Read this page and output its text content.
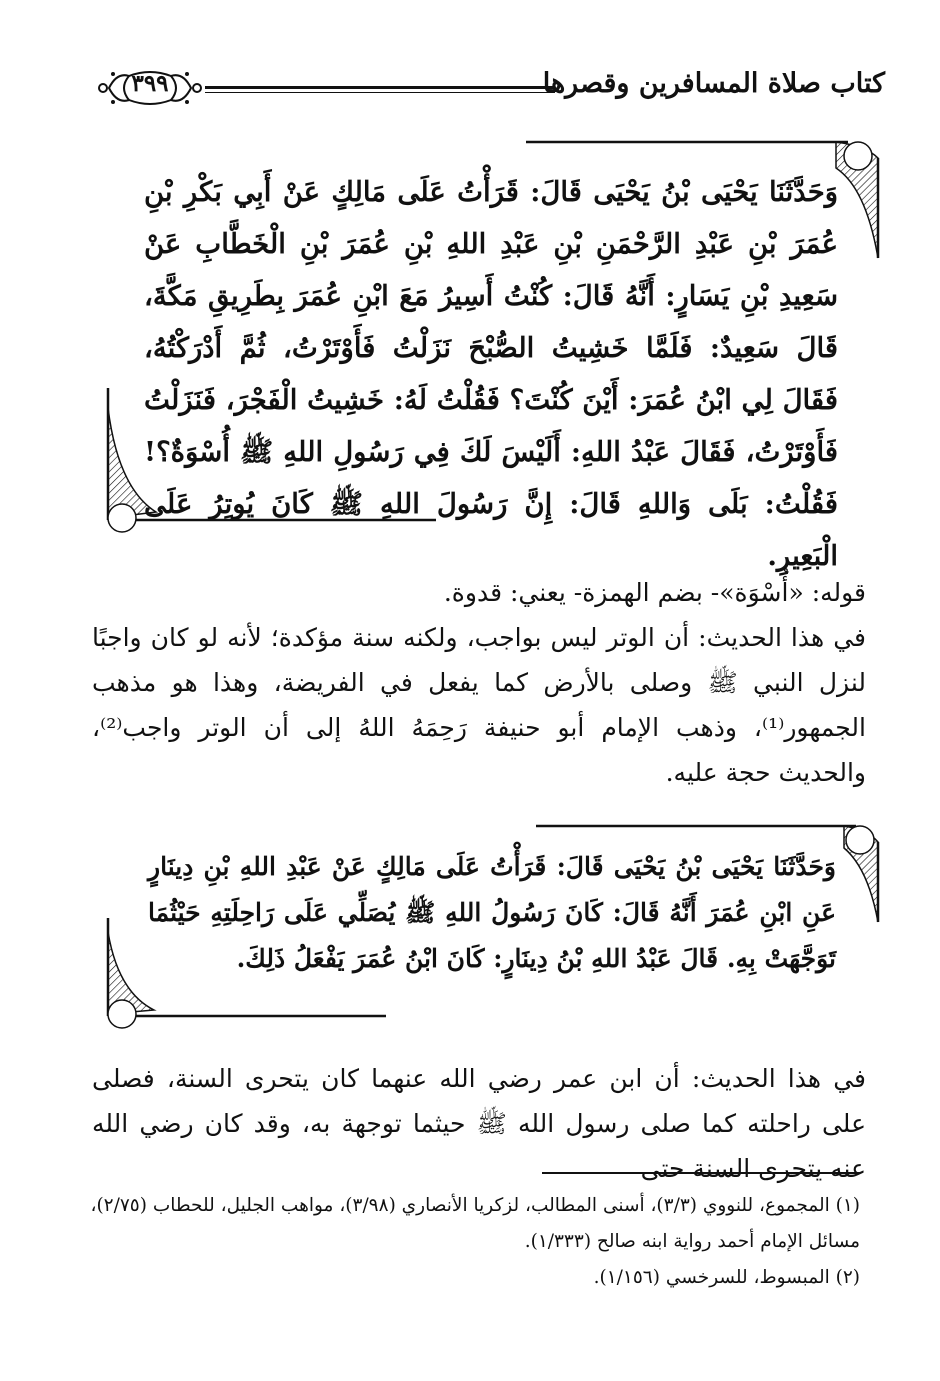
كتاب صلاة المسافرين وقصرها
٣٩٩
وَحَدَّثَنَا يَحْيَى بْنُ يَحْيَى قَالَ: قَرَأْتُ عَلَى مَالِكٍ عَنْ أَبِي بَكْرِ بْنِ عُمَرَ بْنِ عَبْدِ الرَّحْمَنِ بْنِ عَبْدِ اللهِ بْنِ عُمَرَ بْنِ الْخَطَّابِ عَنْ سَعِيدِ بْنِ يَسَارٍ: أَنَّهُ قَالَ: كُنْتُ أَسِيرُ مَعَ ابْنِ عُمَرَ بِطَرِيقِ مَكَّةَ، قَالَ سَعِيدٌ: فَلَمَّا خَشِيتُ الصُّبْحَ نَزَلْتُ فَأَوْتَرْتُ، ثُمَّ أَدْرَكْتُهُ، فَقَالَ لِي ابْنُ عُمَرَ: أَيْنَ كُنْتَ؟ فَقُلْتُ لَهُ: خَشِيتُ الْفَجْرَ، فَنَزَلْتُ فَأَوْتَرْتُ، فَقَالَ عَبْدُ اللهِ: أَلَيْسَ لَكَ فِي رَسُولِ اللهِ ﷺ أُسْوَةٌ؟! فَقُلْتُ: بَلَى وَاللهِ قَالَ: إِنَّ رَسُولَ اللهِ ﷺ كَانَ يُوتِرُ عَلَى الْبَعِيرِ.

قوله: «أُسْوَة»- بضم الهمزة- يعني: قدوة.

في هذا الحديث: أن الوتر ليس بواجب، ولكنه سنة مؤكدة؛ لأنه لو كان واجبًا لنزل النبي ﷺ وصلى بالأرض كما يفعل في الفريضة، وهذا هو مذهب الجمهور⁽¹⁾، وذهب الإمام أبو حنيفة رَحِمَهُ اللهُ إلى أن الوتر واجب⁽²⁾، والحديث حجة عليه.

وَحَدَّثَنَا يَحْيَى بْنُ يَحْيَى قَالَ: قَرَأْتُ عَلَى مَالِكٍ عَنْ عَبْدِ اللهِ بْنِ دِينَارٍ عَنِ ابْنِ عُمَرَ أَنَّهُ قَالَ: كَانَ رَسُولُ اللهِ ﷺ يُصَلِّي عَلَى رَاحِلَتِهِ حَيْثُمَا تَوَجَّهَتْ بِهِ. قَالَ عَبْدُ اللهِ بْنُ دِينَارٍ: كَانَ ابْنُ عُمَرَ يَفْعَلُ ذَلِكَ.

في هذا الحديث: أن ابن عمر رضي الله عنهما كان يتحرى السنة، فصلى على راحلته كما صلى رسول الله ﷺ حيثما توجهة به، وقد كان رضي الله عنه يتحرى السنة حتى

(١) المجموع، للنووي (٣/٣)، أسنى المطالب، لزكريا الأنصاري (٣/٩٨)، مواهب الجليل، للحطاب (٢/٧٥)، مسائل الإمام أحمد رواية ابنه صالح (١/٣٣٣).

(٢) المبسوط، للسرخسي (١/١٥٦).
